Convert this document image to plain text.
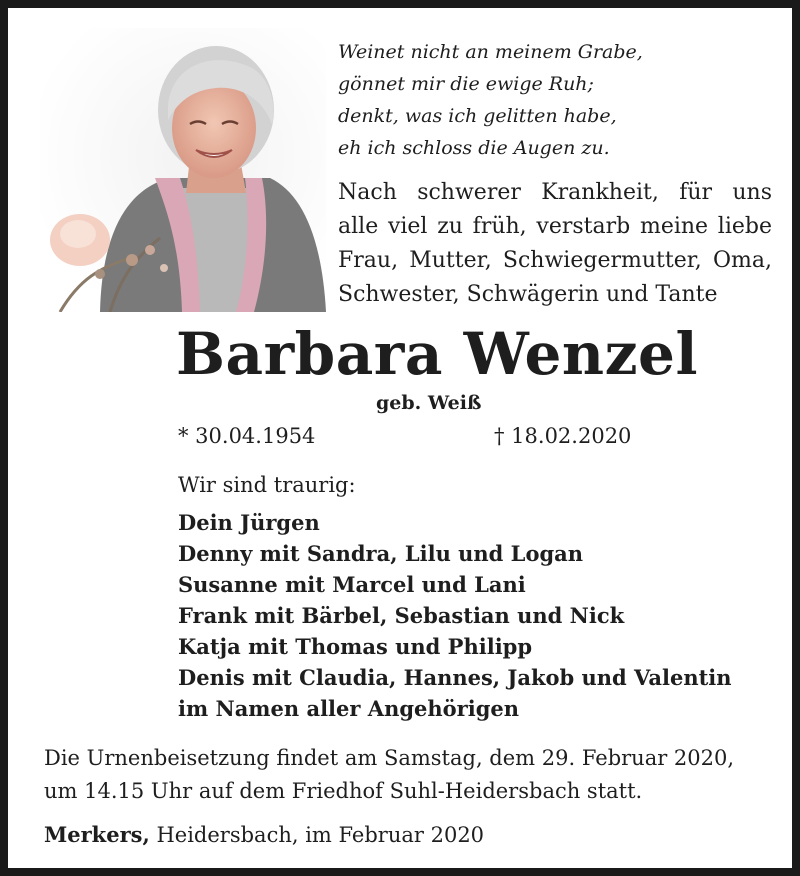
Weinet nicht an meinem Grabe,
gönnet mir die ewige Ruh;
denkt, was ich gelitten habe,
eh ich schloss die Augen zu.
Nach schwerer Krankheit, für uns
alle viel zu früh, verstarb meine liebe
Frau, Mutter, Schwiegermutter, Oma,
Schwester, Schwägerin und Tante
Barbara Wenzel
geb. Weiß
* 30.04.1954	† 18.02.2020
Wir sind traurig:
Dein Jürgen
Denny mit Sandra, Lilu und Logan
Susanne mit Marcel und Lani
Frank mit Bärbel, Sebastian und Nick
Katja mit Thomas und Philipp
Denis mit Claudia, Hannes, Jakob und Valentin
im Namen aller Angehörigen
Die Urnenbeisetzung findet am Samstag, dem 29. Februar 2020,
um 14.15 Uhr auf dem Friedhof Suhl-Heidersbach statt.
Merkers, Heidersbach, im Februar 2020
